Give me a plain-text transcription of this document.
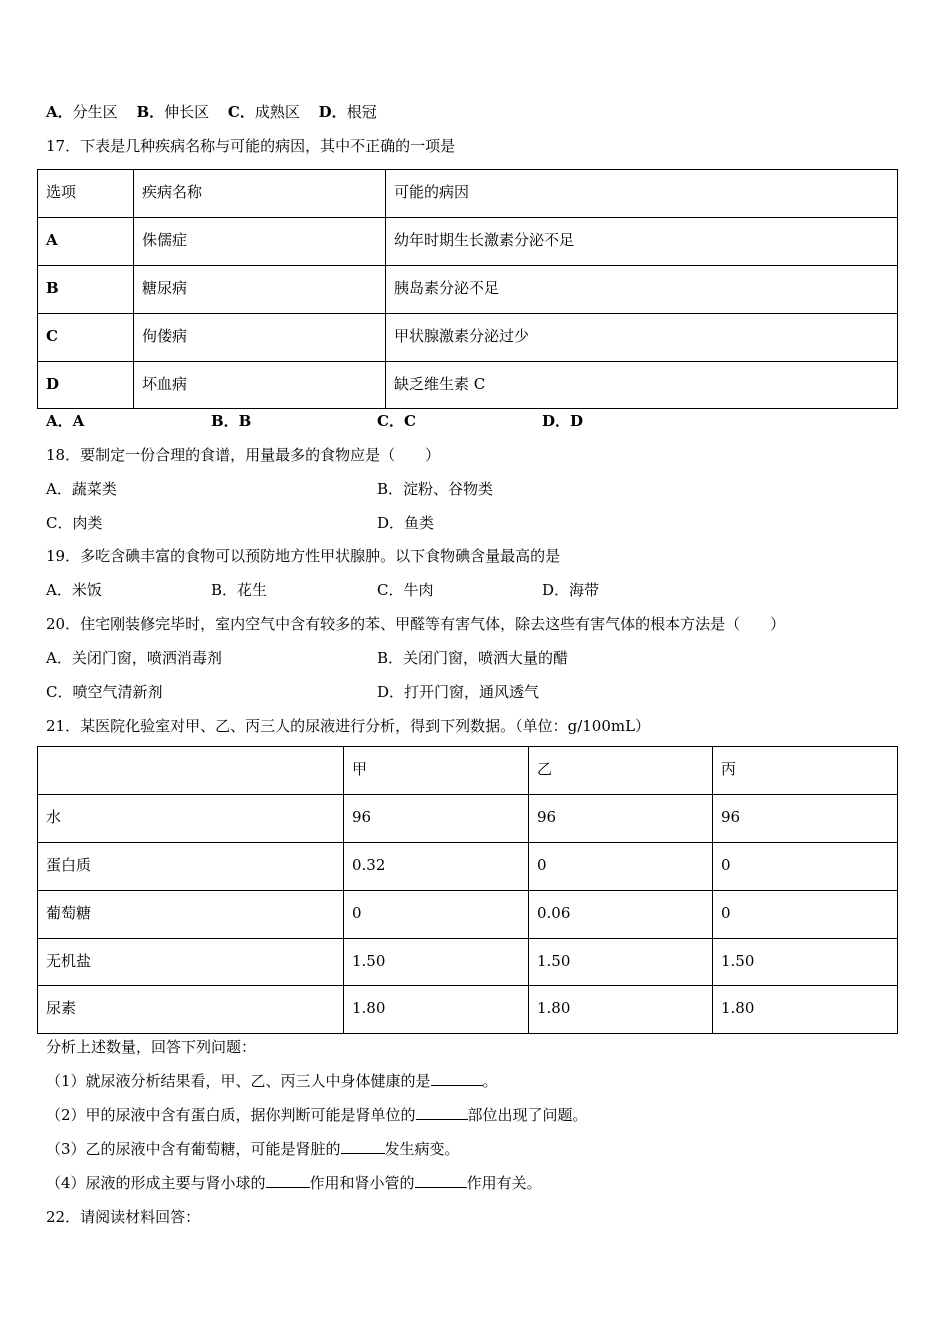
A．分生区 B．伸长区 C．成熟区 D．根冠
17．下表是几种疾病名称与可能的病因，其中不正确的一项是
选项	疾病名称	可能的病因
A	侏儒症	幼年时期生长激素分泌不足
B	糖尿病	胰岛素分泌不足
C	佝偻病	甲状腺激素分泌过少
D	坏血病	缺乏维生素 C
A．A	B．B	C．C	D．D
18．要制定一份合理的食谱，用量最多的食物应是（　　）
A．蔬菜类	B．淀粉、谷物类
C．肉类	D．鱼类
19．多吃含碘丰富的食物可以预防地方性甲状腺肿。以下食物碘含量最高的是
A．米饭	B．花生	C．牛肉	D．海带
20．住宅刚装修完毕时，室内空气中含有较多的苯、甲醛等有害气体，除去这些有害气体的根本方法是（　　）
A．关闭门窗，喷洒消毒剂	B．关闭门窗，喷洒大量的醋
C．喷空气清新剂	D．打开门窗，通风透气
21．某医院化验室对甲、乙、丙三人的尿液进行分析，得到下列数据。（单位：g/100mL）
	甲	乙	丙
水	96	96	96
蛋白质	0.32	0	0
葡萄糖	0	0.06	0
无机盐	1.50	1.50	1.50
尿素	1.80	1.80	1.80
分析上述数量，回答下列问题：
（1）就尿液分析结果看，甲、乙、丙三人中身体健康的是	。
（2）甲的尿液中含有蛋白质，据你判断可能是肾单位的	部位出现了问题。
（3）乙的尿液中含有葡萄糖，可能是肾脏的	发生病变。
（4）尿液的形成主要与肾小球的	作用和肾小管的	作用有关。
22．请阅读材料回答：
